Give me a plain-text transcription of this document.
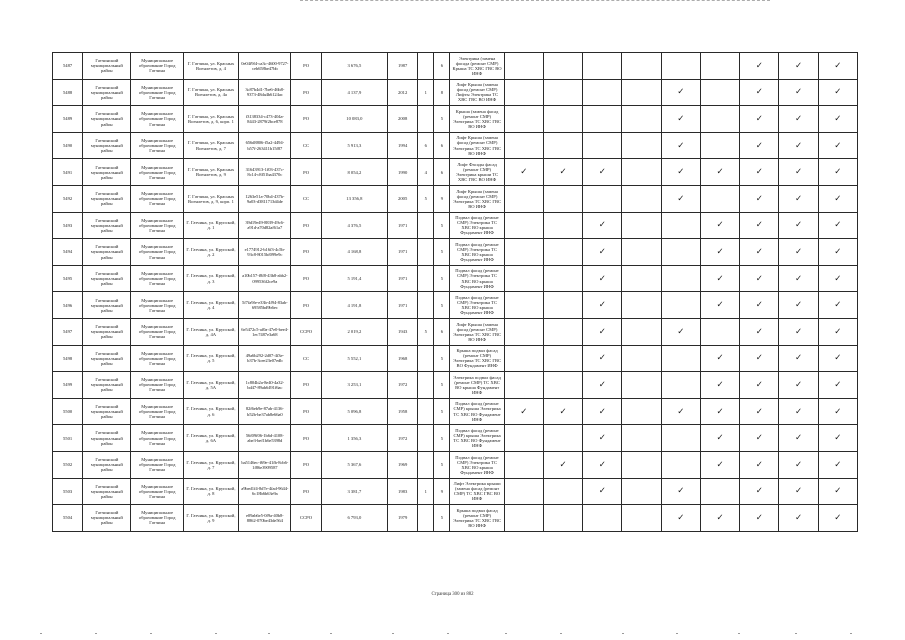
5487	Гатчинский муниципальный район	Муниципальное образование Город Гатчина	Г. Гатчина, ул. Красных Военлетов, д. 4	0e04f9f4-ca3c-4600-9727-ceb658be47bb	РО	3 676,5	1987		6	Электрика (замена фасада (ремонт СМР) Крыша ТС ХВС ГВС ВО ИНФ							✓	✓	✓
5488	Гатчинский муниципальный район	Муниципальное образование Город Гатчина	Г. Гатчина, ул. Красных Военлетов, д. 4а	3c87b4d1-7be6-46b8-9373-48da4b6124ac	РО	4 137,9	2012	1	8	Лифт Крыша (замена фасад (ремонт СМР) Лифты Электрика ТС ХВС ГВС ВО ИНФ					✓		✓	✓	✓
5489	Гатчинский муниципальный район	Муниципальное образование Город Гатчина	Г. Гатчина, ул. Красных Военлетов, д. 6, корп. 1	f3138334-c473-404a-8443-2879f2bce878	РО	10 083,0	2008		5	Крыша (замена фасад (ремонт СМР) Электрика ТС ХВС ГВС ВО ИНФ					✓		✓	✓	✓
5490	Гатчинский муниципальный район	Муниципальное образование Город Гатчина	Г. Гатчина, ул. Красных Военлетов, д. 7	656d8806-f5a2-4494-b57f-263411b15f87	СС	5 913,3	1994	6	6	Лифт Крыша (замена фасад (ремонт СМР) Электрика ТС ХВС ГВС ВО ИНФ					✓		✓	✓	✓
5491	Гатчинский муниципальный район	Муниципальное образование Город Гатчина	Г. Гатчина, ул. Красных Военлетов, д. 9	31643913-1f03-437c-8c14-c8f51ba4370c	РО	8 054,2	1990	4	6	Лифт Фасады фасад (ремонт СМР) Электрика крыши ТС ХВС ГВС ВО ИНФ	✓	✓	✓		✓	✓	✓	✓	✓
5492	Гатчинский муниципальный район	Муниципальное образование Город Гатчина	Г. Гатчина, ул. Красных Военлетов, д. 9, корп. 1	1263e51a-70b4-437b-9a03-d3811713d4de	СС	13 356,8	2005	5	9	Лифт Крыша (замена фасад (ремонт СМР) Электрика ТС ХВС ГВС ВО ИНФ					✓		✓	✓	✓
5493	Гатчинский муниципальный район	Муниципальное образование Город Гатчина	Г. Гатчина, ул. Крупской, д. 1	39d19e49-8839-49c6-a91d-a70d82af61a7	РО	4 376,5	1971		5	Подвал фасад (ремонт СМР) Электрика ТС ХВС ВО крыша Фундамент ИНФ			✓			✓	✓	✓	✓
5494	Гатчинский муниципальный район	Муниципальное образование Город Гатчина	Г. Гатчина, ул. Крупской, д. 2	e1774912-b16f3-4c5b-93c8-8015bf099e9c	РО	4 168,8	1971		5	Подвал фасад (ремонт СМР) Электрика ТС ХВС ВО крыша Фундамент ИНФ			✓			✓	✓	✓	✓
5495	Гатчинский муниципальный район	Муниципальное образование Город Гатчина	Г. Гатчина, ул. Крупской, д. 3	a10b157-f8f8-43b8-abb2-099536f2ce9a	РО	5 191,4	1971		5	Подвал фасад (ремонт СМР) Электрика ТС ХВС ВО крыша Фундамент ИНФ			✓			✓	✓	✓	✓
5496	Гатчинский муниципальный район	Муниципальное образование Город Гатчина	Г. Гатчина, ул. Крупской, д. 4	5f7fa9fe-e33b-4f94-83ab-69585bd9b6ec	РО	4 191,8	1971		5	Подвал фасад (ремонт СМР) Электрика ТС ХВС ВО крыша Фундамент ИНФ			✓			✓	✓	✓	✓
5497	Гатчинский муниципальный район	Муниципальное образование Город Гатчина	Г. Гатчина, ул. Крупской, д. 4А	6e5472c5-af0a-47e0-bee4-1ec7487e3a68	ССРО	2 019,2	1943	5	6	Лифт Крыша (замена фасад (ремонт СМР) Электрика ТС ХВС ГВС ВО ИНФ			✓		✓		✓	✓	✓
5498	Гатчинский муниципальный район	Муниципальное образование Город Гатчина	Г. Гатчина, ул. Крупской, д. 5	49a6b292-2d07-4f3e-b37b-3cee23e07edb	СС	5 552,1	1968		5	Крыша подвал фасад (ремонт СМР) Электрика ТС ХВС ГВС ВО Фундамент ИНФ			✓			✓	✓	✓	✓
5499	Гатчинский муниципальный район	Муниципальное образование Город Гатчина	Г. Гатчина, ул. Крупской, д. 5А	1c804b2a-8e40-4a32-bd47-89ab6491f6ac	РО	3 253,1	1972		5	Электрика подвал фасад (ремонт СМР) ТС ХВС ВО крыша Фундамент ИНФ			✓			✓	✓	✓	✓
5500	Гатчинский муниципальный район	Муниципальное образование Город Гатчина	Г. Гатчина, ул. Крупской, д. 6	82f6eb9e-87ab-4136-b52b-be37ab8e66a0	РО	5 096,8	1958		5	Подвал фасад (ремонт СМР) крыша Электрика ТС ХВС ВО Фундамент ИНФ	✓	✓	✓		✓	✓	✓	✓	✓
5501	Гатчинский муниципальный район	Муниципальное образование Город Гатчина	Г. Гатчина, ул. Крупской, д. 6А	56f09f06-1b6d-4108-abe3-bef1b6e5398d	РО	1 356,3	1972		5	Подвал фасад (ремонт СМР) крыша Электрика ТС ХВС ВО Фундамент ИНФ			✓			✓	✓	✓	✓
5502	Гатчинский муниципальный район	Муниципальное образование Город Гатчина	Г. Гатчина, ул. Крупской, д. 7	ba5146ec-f69e-41fb-8cb6-1f86e3909587	РО	5 367,6	1969		5	Подвал фасад (ремонт СМР) Электрика ТС ХВС ВО крыша Фундамент ИНФ		✓	✓			✓	✓	✓	✓
5503	Гатчинский муниципальный район	Муниципальное образование Город Гатчина	Г. Гатчина, ул. Крупской, д. 8	a9bed1f4-8d7e-4fad-9644-6c18b6b63e9a	РО	3 381,7	1983	1	9	Лифт Электрика крыши (замена фасад (ремонт СМР) ТС ХВС ГВС ВО ИНФ			✓		✓		✓	✓	✓
5504	Гатчинский муниципальный район	Муниципальное образование Город Гатчина	Г. Гатчина, ул. Крупской, д. 9	e09ab6e5-0f9a-40b8-8862-070be43de564	ССРО	6 793,0	1979		5	Крыша подвал фасад (ремонт СМР) Электрика ТС ХВС ГВС ВО ИНФ					✓	✓	✓	✓	✓
Страница 300 из 882
